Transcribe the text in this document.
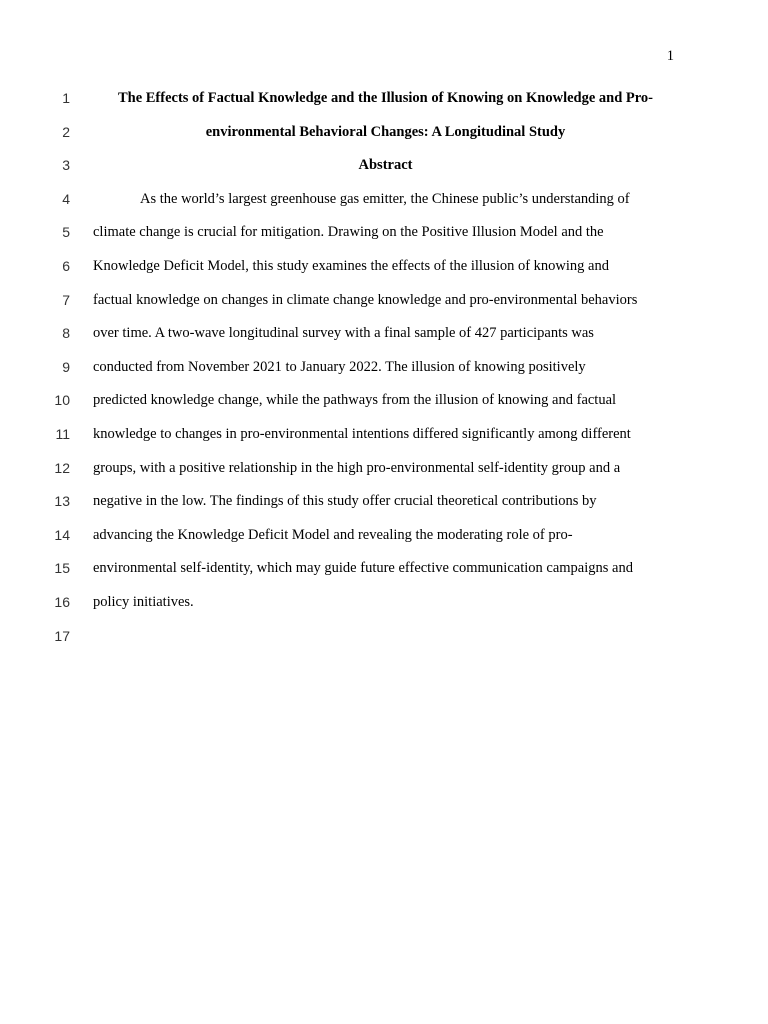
1
1
2
3
4
5
6
7
8
9
10
11
12
13
14
15
16
17
The Effects of Factual Knowledge and the Illusion of Knowing on Knowledge and Pro-
environmental Behavioral Changes: A Longitudinal Study
Abstract
As the world’s largest greenhouse gas emitter, the Chinese public’s understanding of
climate change is crucial for mitigation. Drawing on the Positive Illusion Model and the
Knowledge Deficit Model, this study examines the effects of the illusion of knowing and
factual knowledge on changes in climate change knowledge and pro-environmental behaviors
over time. A two-wave longitudinal survey with a final sample of 427 participants was
conducted from November 2021 to January 2022. The illusion of knowing positively
predicted knowledge change, while the pathways from the illusion of knowing and factual
knowledge to changes in pro-environmental intentions differed significantly among different
groups, with a positive relationship in the high pro-environmental self-identity group and a
negative in the low. The findings of this study offer crucial theoretical contributions by
advancing the Knowledge Deficit Model and revealing the moderating role of pro-
environmental self-identity, which may guide future effective communication campaigns and
policy initiatives.
